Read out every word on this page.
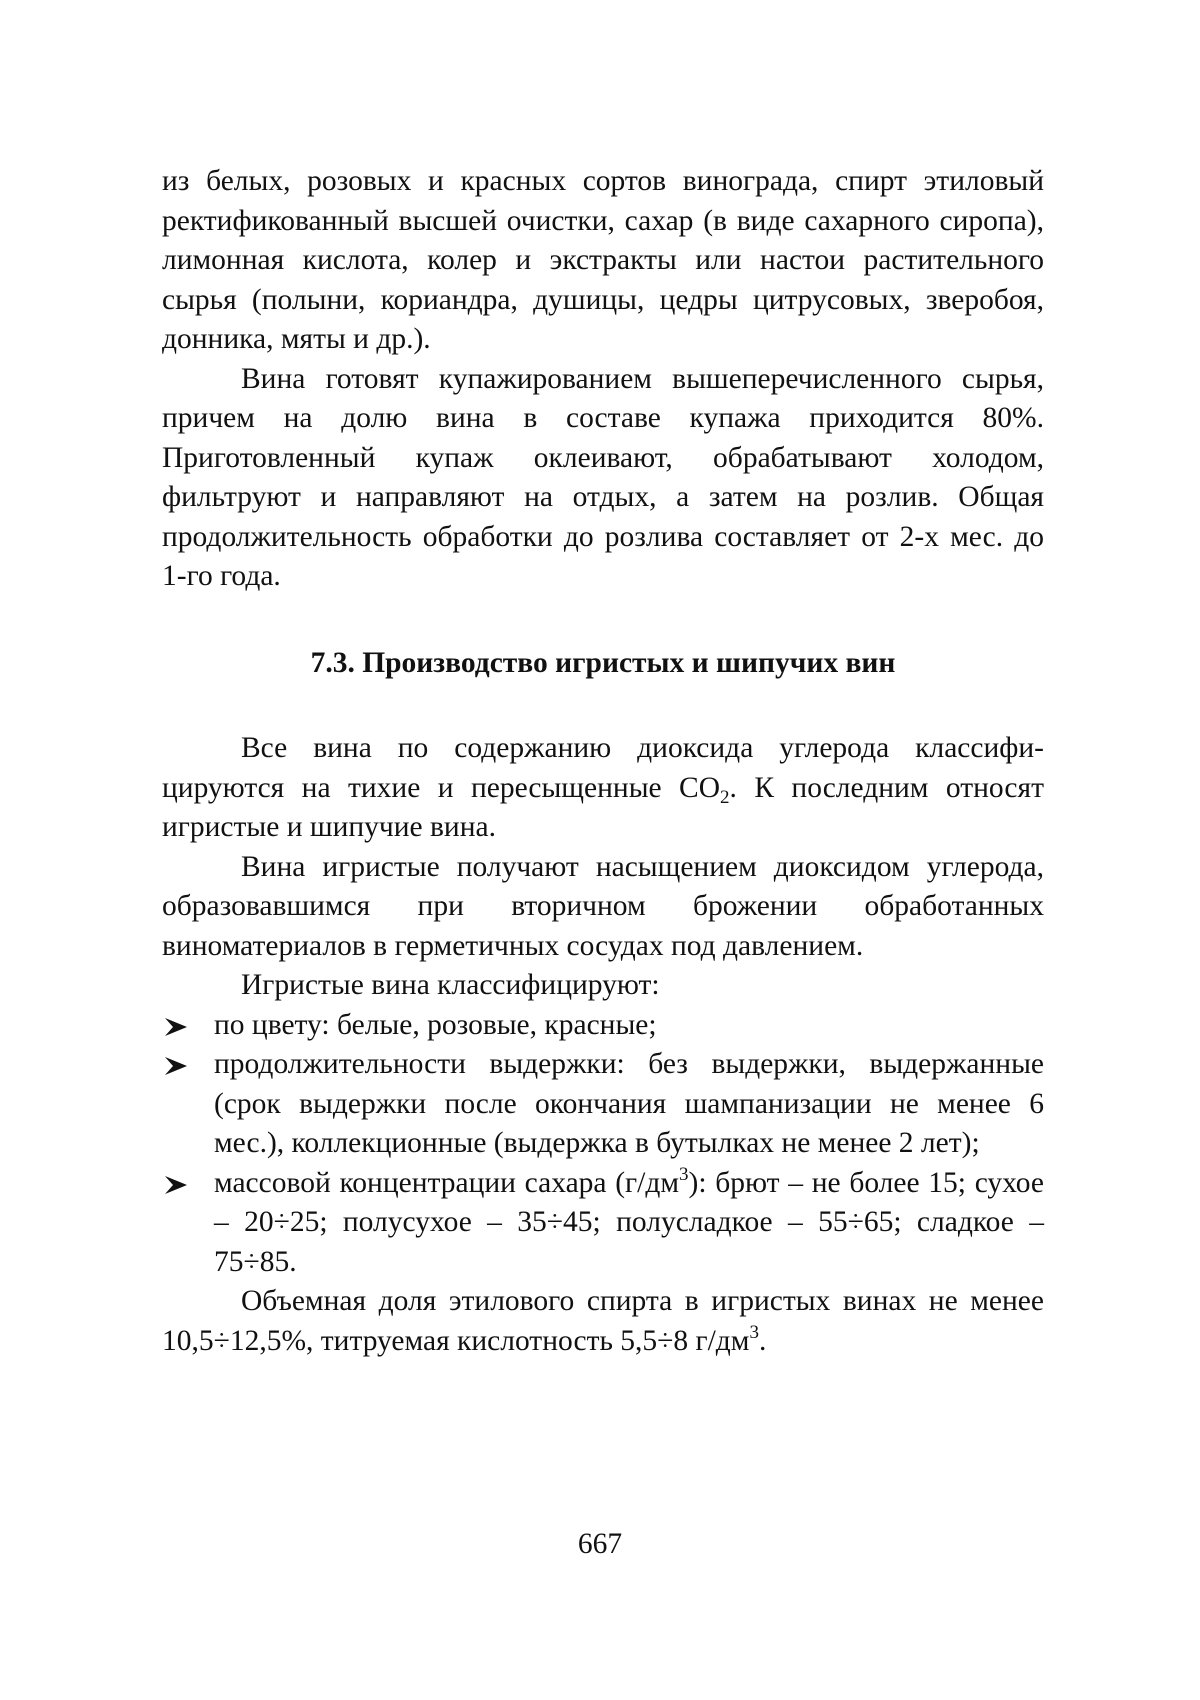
из белых, розовых и красных сортов винограда, спирт этиловый ректификованный высшей очистки, сахар (в виде сахарного сиропа), лимонная кислота, колер и экстракты или настои растительного сырья (полыни, кориандра, душицы, цедры цитрусовых, зверобоя, донника, мяты и др.).

Вина готовят купажированием вышеперечисленного сырья, причем на долю вина в составе купажа приходится 80%. Приготовленный купаж оклеивают, обрабатывают холодом, фильтруют и направляют на отдых, а затем на розлив. Общая продолжительность обработки до розлива составляет от 2-х мес. до 1-го года.

7.3. Производство игристых и шипучих вин

Все вина по содержанию диоксида углерода классифицируются на тихие и пересыщенные $СО_2$. К последним относят игристые и шипучие вина.

Вина игристые получают насыщением диоксидом углерода, образовавшимся при вторичном брожении обработанных виноматериалов в герметичных сосудах под давлением.

Игристые вина классифицируют:

по цвету: белые, розовые, красные;
продолжительности выдержки: без выдержки, выдержанные (срок выдержки после окончания шампанизации не менее 6 мес.), коллекционные (выдержка в бутылках не менее 2 лет);
массовой концентрации сахара $(г/дм^3)$: брют – не более 15; сухое – 20÷25; полусухое – 35÷45; полусладкое – 55÷65; сладкое – 75÷85.

Объемная доля этилового спирта в игристых винах не менее 10,5÷12,5%, титруемая кислотность 5,5÷8 $г/дм^3$.

667
